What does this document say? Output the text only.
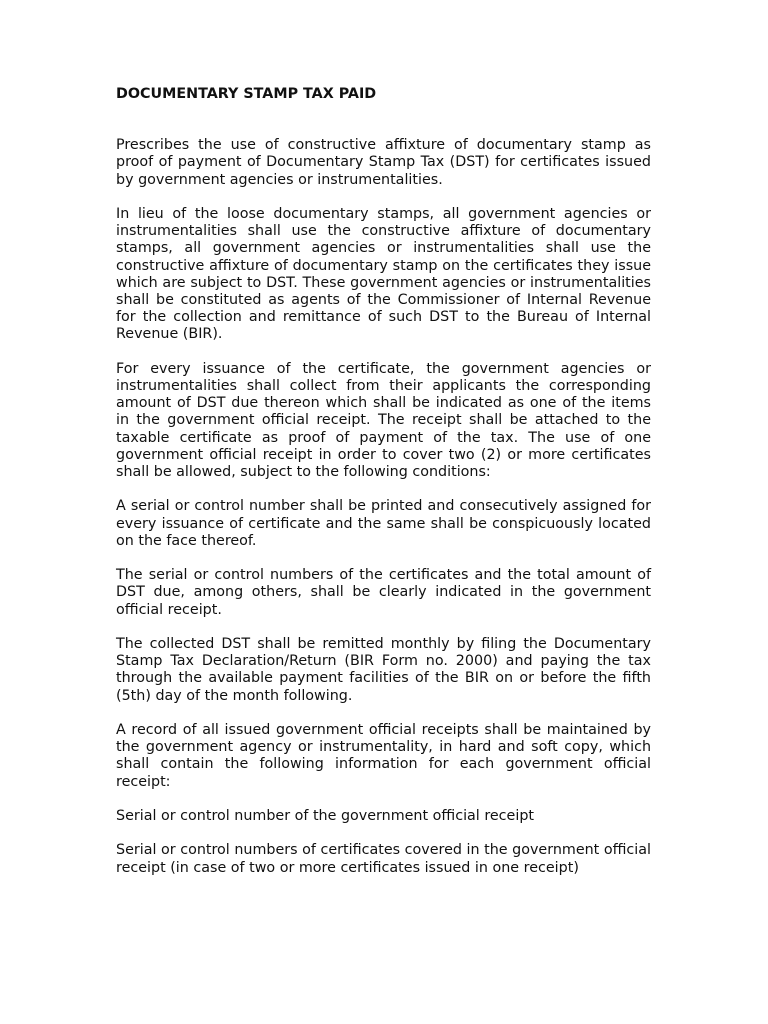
DOCUMENTARY STAMP TAX PAID

Prescribes the use of constructive affixture of documentary stamp as proof of payment of Documentary Stamp Tax (DST) for certificates issued by government agencies or instrumentalities.

In lieu of the loose documentary stamps, all government agencies or instrumentalities shall use the constructive affixture of documentary stamps, all government agencies or instrumentalities shall use the constructive affixture of documentary stamp on the certificates they issue which are subject to DST. These government agencies or instrumentalities shall be constituted as agents of the Commissioner of Internal Revenue for the collection and remittance of such DST to the Bureau of Internal Revenue (BIR).

For every issuance of the certificate, the government agencies or instrumentalities shall collect from their applicants the corresponding amount of DST due thereon which shall be indicated as one of the items in the government official receipt. The receipt shall be attached to the taxable certificate as proof of payment of the tax. The use of one government official receipt in order to cover two (2) or more certificates shall be allowed, subject to the following conditions:

A serial or control number shall be printed and consecutively assigned for every issuance of certificate and the same shall be conspicuously located on the face thereof.

The serial or control numbers of the certificates and the total amount of DST due, among others, shall be clearly indicated in the government official receipt.

The collected DST shall be remitted monthly by filing the Documentary Stamp Tax Declaration/Return (BIR Form no. 2000) and paying the tax through the available payment facilities of the BIR on or before the fifth (5th) day of the month following.

A record of all issued government official receipts shall be maintained by the government agency or instrumentality, in hard and soft copy, which shall contain the following information for each government official receipt:

Serial or control number of the government official receipt

Serial or control numbers of certificates covered in the government official receipt (in case of two or more certificates issued in one receipt)
